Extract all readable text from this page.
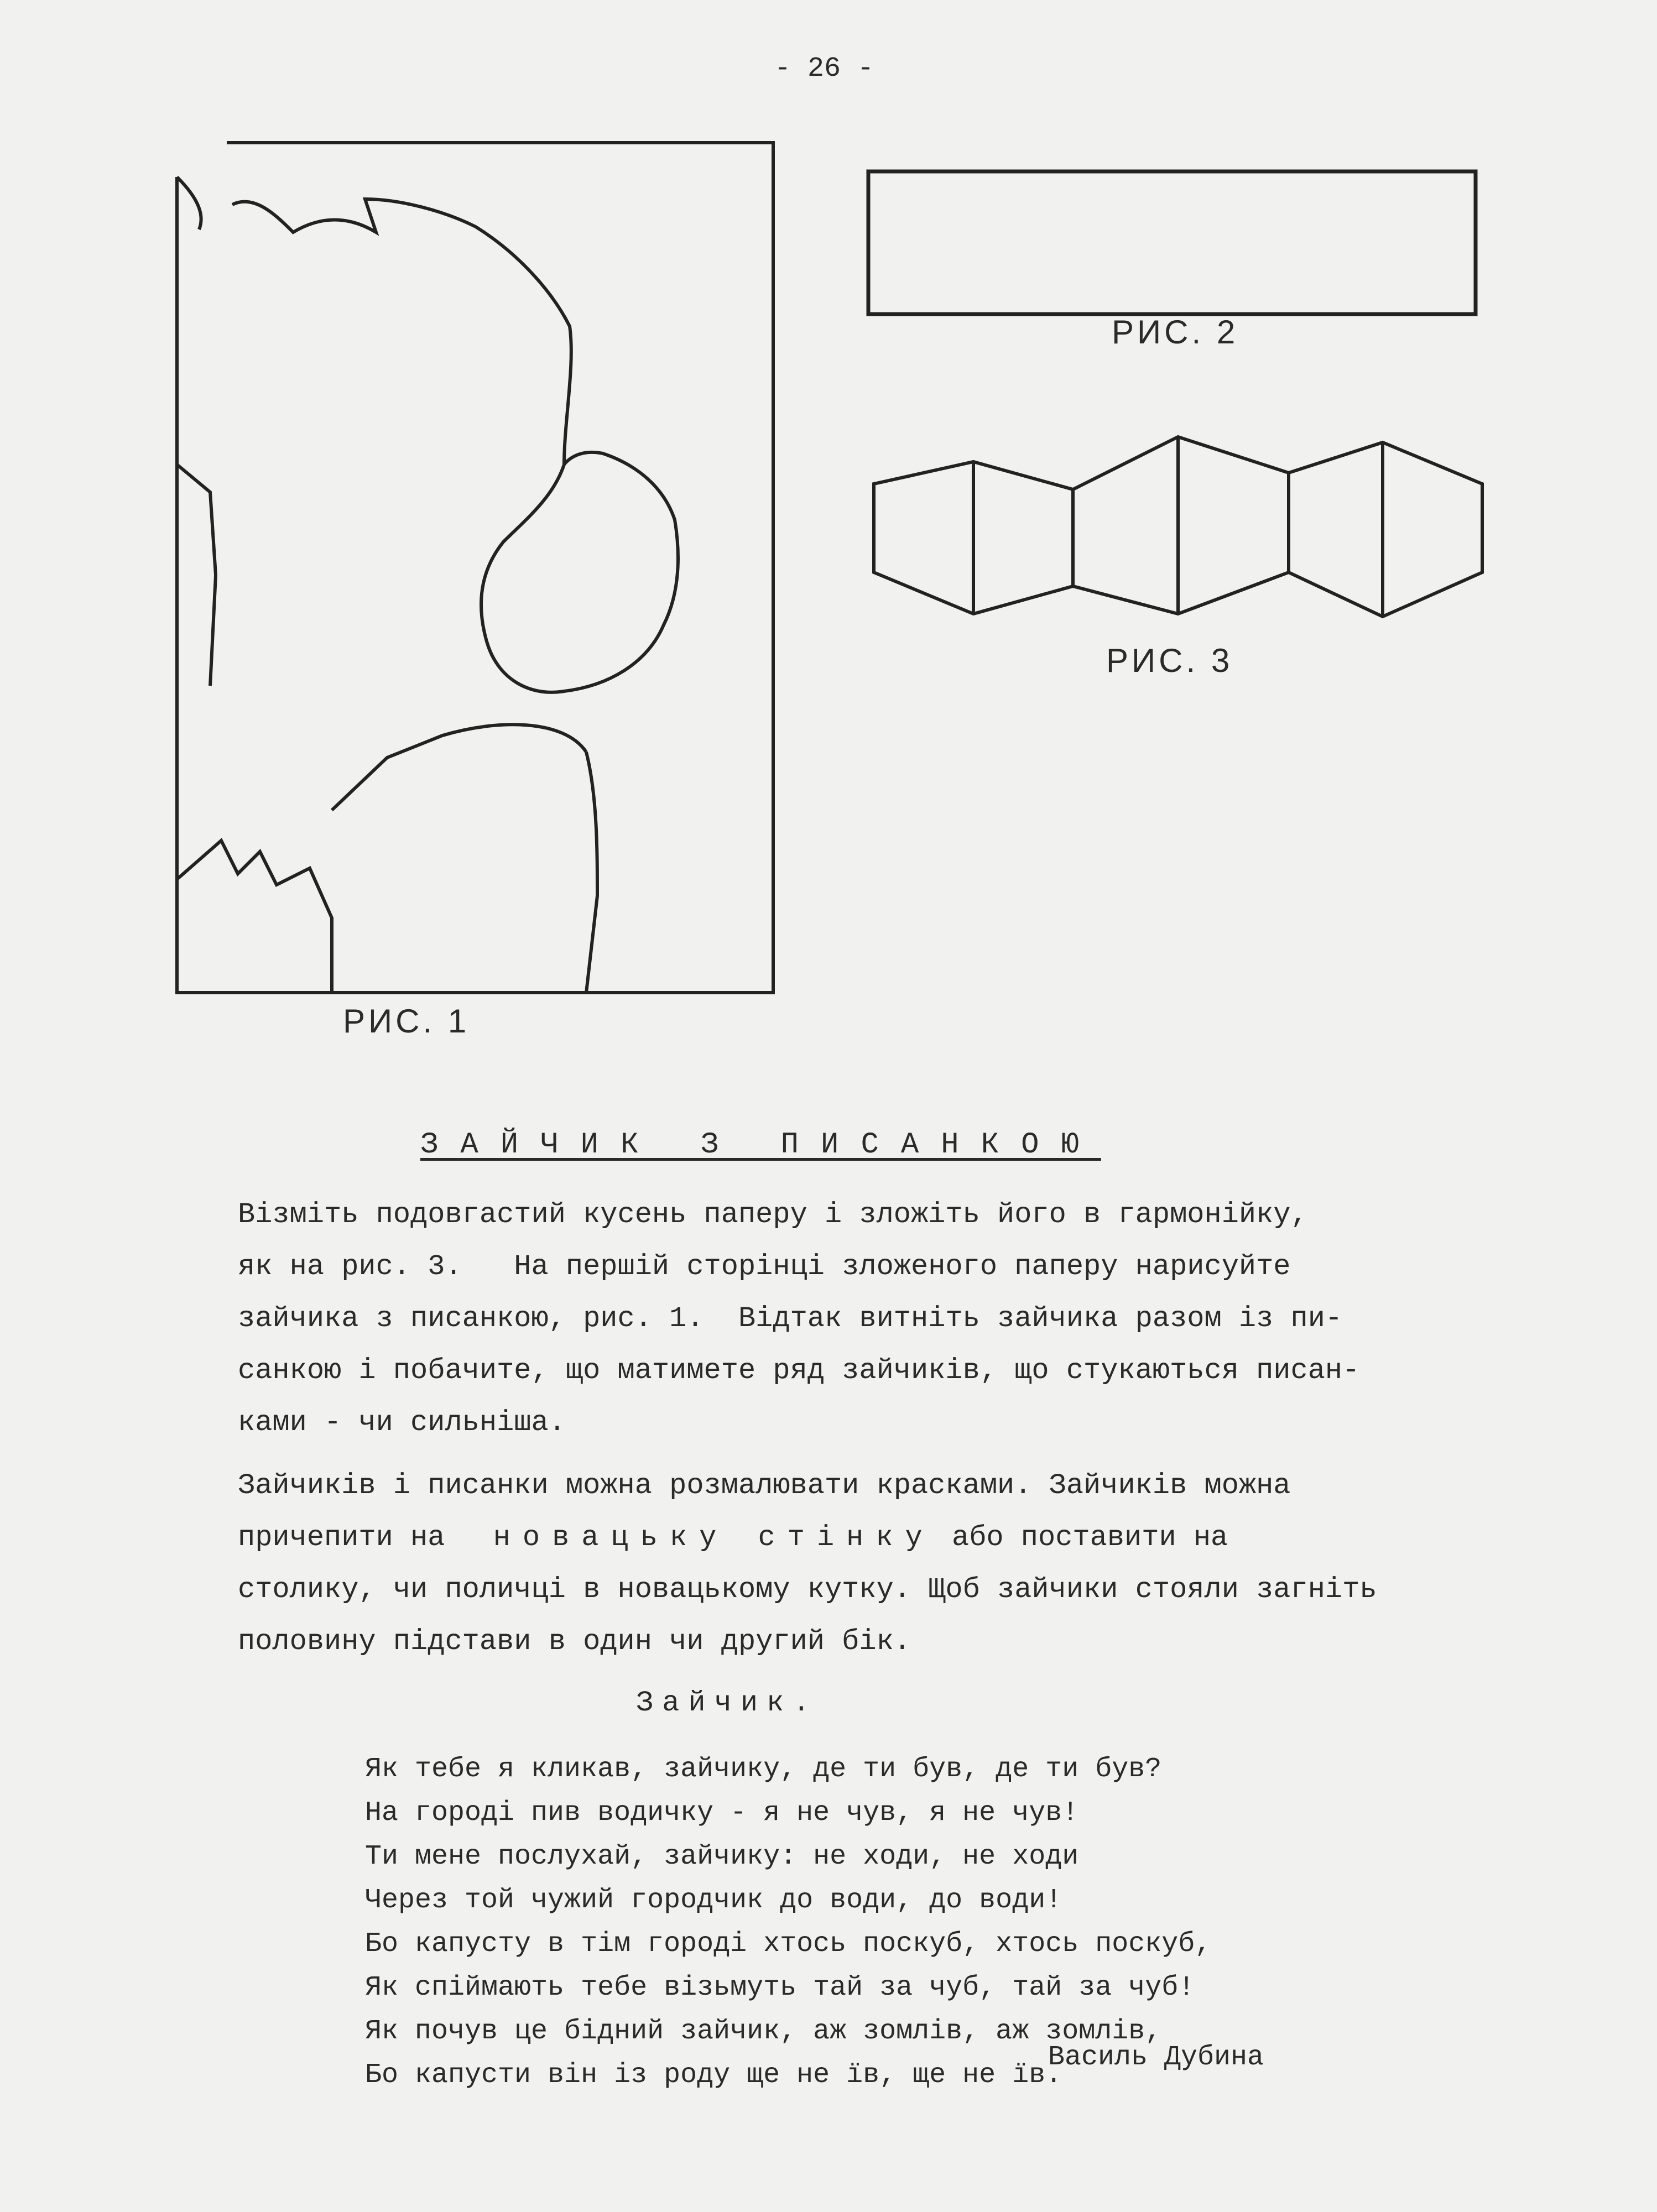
- 26 -
РИС. 1
РИС. 2
РИС. 3
ЗАЙЧИК З ПИСАНКОЮ

Візміть подовгастий кусень паперу і зложіть його в гармонійку,

як на рис. 3.   На першій сторінці зложеного паперу нарисуйте

зайчика з писанкою, рис. 1.  Відтак витніть зайчика разом із пи-

санкою і побачите, що матимете ряд зайчиків, що стукаються писан-

ками - чи сильніша.

Зайчиків і писанки можна розмалювати красками. Зайчиків можна

причепити на новацьку стінку або поставити на

столику, чи поличці в новацькому кутку. Щоб зайчики стояли загніть

половину підстави в один чи другий бік.

Зайчик.
Як тебе я кликав, зайчику, де ти був, де ти був?
На городі пив водичку - я не чув, я не чув!
Ти мене послухай, зайчику: не ходи, не ходи
Через той чужий городчик до води, до води!
Бо капусту в тім городі хтось поскуб, хтось поскуб,
Як спіймають тебе візьмуть тай за чуб, тай за чуб!
Як почув це бідний зайчик, аж зомлів, аж зомлів,
Бо капусти він із роду ще не їв, ще не їв.
Василь Дубина
